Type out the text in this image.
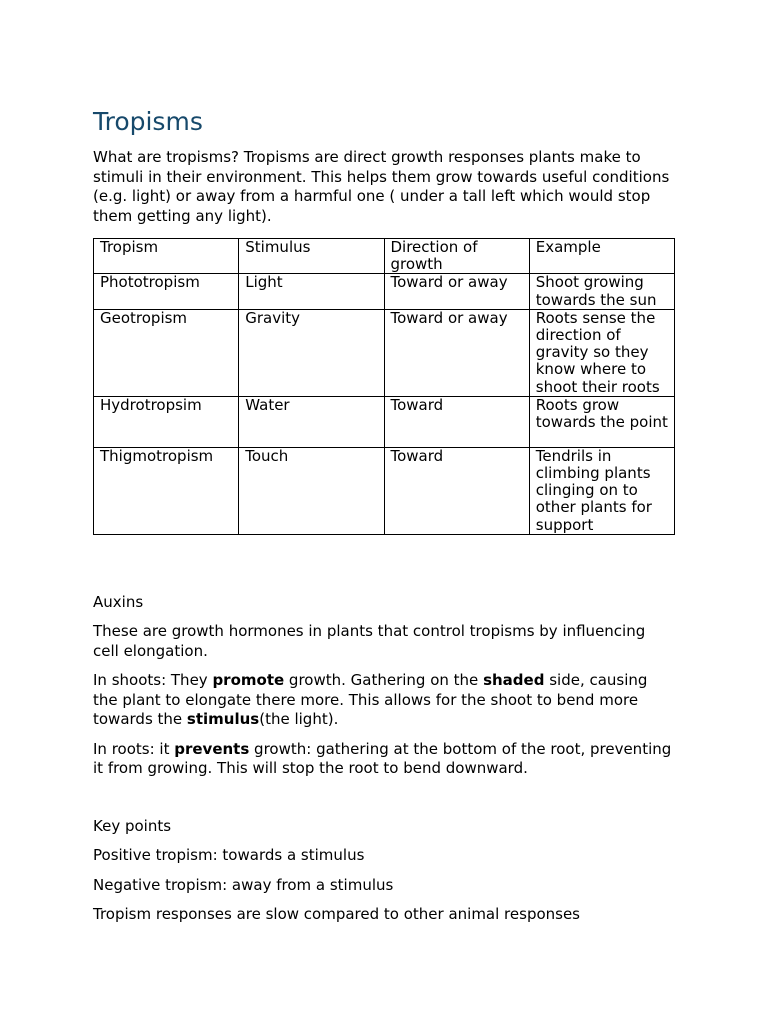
Tropisms

What are tropisms? Tropisms are direct growth responses plants make to stimuli in their environment. This helps them grow towards useful conditions (e.g. light) or away from a harmful one ( under a tall left which would stop them getting any light).

Tropism	Stimulus	Direction of growth	Example
Phototropism	Light	Toward or away	Shoot growing towards the sun
Geotropism	Gravity	Toward or away	Roots sense the direction of gravity so they know where to shoot their roots
Hydrotropsim	Water	Toward	Roots grow towards the point
Thigmotropism	Touch	Toward	Tendrils in climbing plants clinging on to other plants for support

Auxins

These are growth hormones in plants that control tropisms by influencing cell elongation.

In shoots: They promote growth. Gathering on the shaded side, causing the plant to elongate there more. This allows for the shoot to bend more towards the stimulus(the light).

In roots: it prevents growth: gathering at the bottom of the root, preventing it from growing. This will stop the root to bend downward.

Key points

Positive tropism: towards a stimulus

Negative tropism: away from a stimulus

Tropism responses are slow compared to other animal responses
